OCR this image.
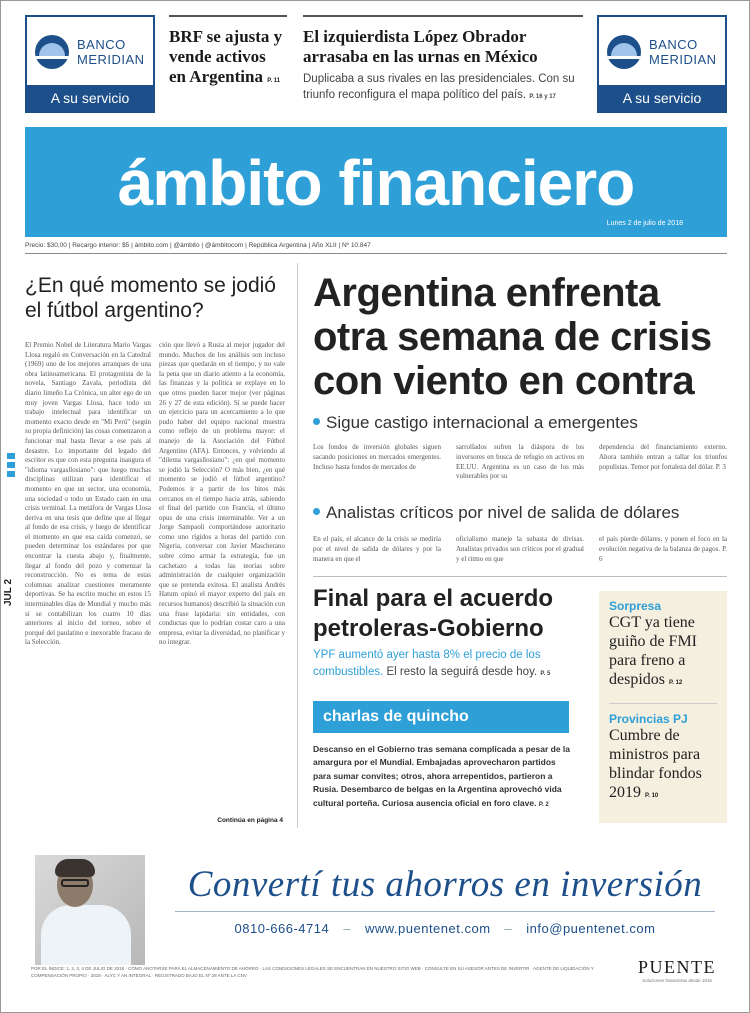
BANCO
MERIDIAN
A su servicio
BRF se ajusta y vende activos en Argentina P. 11
El izquierdista López Obrador arrasaba en las urnas en México
Duplicaba a sus rivales en las presidenciales. Con su triunfo reconfigura el mapa político del país. P. 16 y 17
BANCO
MERIDIAN
A su servicio
ámbito financiero
Lunes 2 de julio de 2018
Precio: $30,00 | Recargo interior: $5 | ámbito.com | @ámbito | @ámbitocom | República Argentina | Año XLII | Nº 10.847
JUL 2
¿En qué momento se jodió el fútbol argentino?
El Premio Nobel de Literatura Mario Vargas Llosa regaló en Conversación en la Catedral (1969) uno de los mejores arranques de una obra latinoamericana. El protagonista de la novela, Santiago Zavala, periodista del diario limeño La Crónica, un alter ego de un muy joven Vargas Llosa, hace todo un trabajo intelectual para identificar un momento exacto desde en "Mi Perú" (según su propia definición) las cosas comenzaron a funcionar mal hasta llevar a ese país al desastre. Lo importante del legado del escritor es que con esta pregunta inaugura el "idioma vargasllosiano": que luego muchas disciplinas utilizan para identificar el momento en que un sector, una economía, una sociedad o todo un Estado caen en una crisis terminal. La metáfora de Vargas Llosa deriva en una tesis que define que al llegar al fondo de esa crisis, y luego de identificar el momento en que esa caída comenzó, se pueden determinar los estándares por que encontrar la cuesta abajo y, finalmente, llegar al fondo del pozo y comenzar la reconstrucción. No es tema de estas columnas analizar cuestiones meramente deportivas. Se ha escrito mucho en estos 15 interminables días de Mundial y mucho más sí se contabilizan los cuatro 10 días anteriores al inicio del torneo, sobre el porqué del paulatino e inexorable fracaso de la Selección.
ción que llevó a Rusia al mejor jugador del mundo. Muchos de los análisis son incluso piezas que quedarán en el tiempo, y no vale la pena que un diario atiento a la economía, las finanzas y la política se explaye en lo que otros pueden hacer mejor (ver páginas 26 y 27 de esta edición). Sí se puede hacer un ejercicio para un acercamiento a lo que pudo haber del equipo nacional muestra como reflejo de un problema mayor: el manejo de la Asociación del Fútbol Argentino (AFA). Entonces, y volviendo al "dilema vargasllosiano": ¿en qué momento se jodió la Selección? O más bien, ¿en qué momento se jodió el fútbol argentino? Podemos ir a partir de los hitos más cercanos en el tiempo hacia atrás, sabiendo el final del partido con Francia, el último opus de una crisis interminable. Ver a un Jorge Sampaoli comportándose autoritario como uno rígidos a horas del partido con Nigeria, conversar con Javier Mascherano sobre cómo armar la estrategia, fue un cachetazo a todas las teorías sobre administración de cualquier organización que se pretenda exitosa. El analista Andrés Hatum opinó el mayor experto del país en recursos humanos) describió la situación con una frase lapidaria: sin entidades, con conductas que lo podrían costar caro a una empresa, evitar la diversidad, no planificar y no integrar.
Continúa en página 4
Argentina enfrenta otra semana de crisis con viento en contra
Sigue castigo internacional a emergentes
Los fondos de inversión globales siguen sacando posiciones en mercados emergentes. Incluso hasta fondos de mercados de
sarrollados sufren la diáspora de los inversores en busca de refugio en activos en EE.UU. Argentina es un caso de los más vulnerables por su
dependencia del financiamiento externo. Ahora también entran a tallar los triunfos populistas. Temor por fortaleza del dólar. P. 3
Analistas críticos por nivel de salida de dólares
En el país, el alcance de la crisis se mediría por el nivel de salida de dólares y por la manera en que el
oficialismo maneje la subasta de divisas. Analistas privados son críticos por el gradual y el ritmo en que
el país pierde dólares, y ponen el foco en la evolución negativa de la balanza de pagos. P. 6
Final para el acuerdo petroleras-Gobierno
YPF aumentó ayer hasta 8% el precio de los combustibles. El resto la seguirá desde hoy. P. 5
charlas de quincho
Descanso en el Gobierno tras semana complicada a pesar de la amargura por el Mundial. Embajadas aprovecharon partidos para sumar convites; otros, ahora arrepentidos, partieron a Rusia. Desembarco de belgas en la Argentina aprovechó vida cultural porteña. Curiosa ausencia oficial en foro clave. P. 2
Sorpresa
CGT ya tiene guiño de FMI para freno a despidos P. 12
Provincias PJ
Cumbre de ministros para blindar fondos 2019 P. 10
Convertí tus ahorros en inversión
0810-666-4714 – www.puentenet.com – info@puentenet.com
POR EL ÍNDICE: 1, 2, 3, 4 DE JULIO DE 2018 · CÓMO ANOTARSE PARA EL ALMACENAMIENTO DE AHORRO · LAS CONDICIONES LEGALES SE ENCUENTRAN EN NUESTRO SITIO WEB · CONSULTE EN SU ASESOR ANTES DE INVERTIR · AGENTE DE LIQUIDACIÓN Y COMPENSACIÓN PROPIO · 2018 · ALYC Y AN INTEGRAL · REGISTRADO BAJO EL Nº 28 ANTE LA CNV	PUENTE
Soluciones financieras desde 1915
